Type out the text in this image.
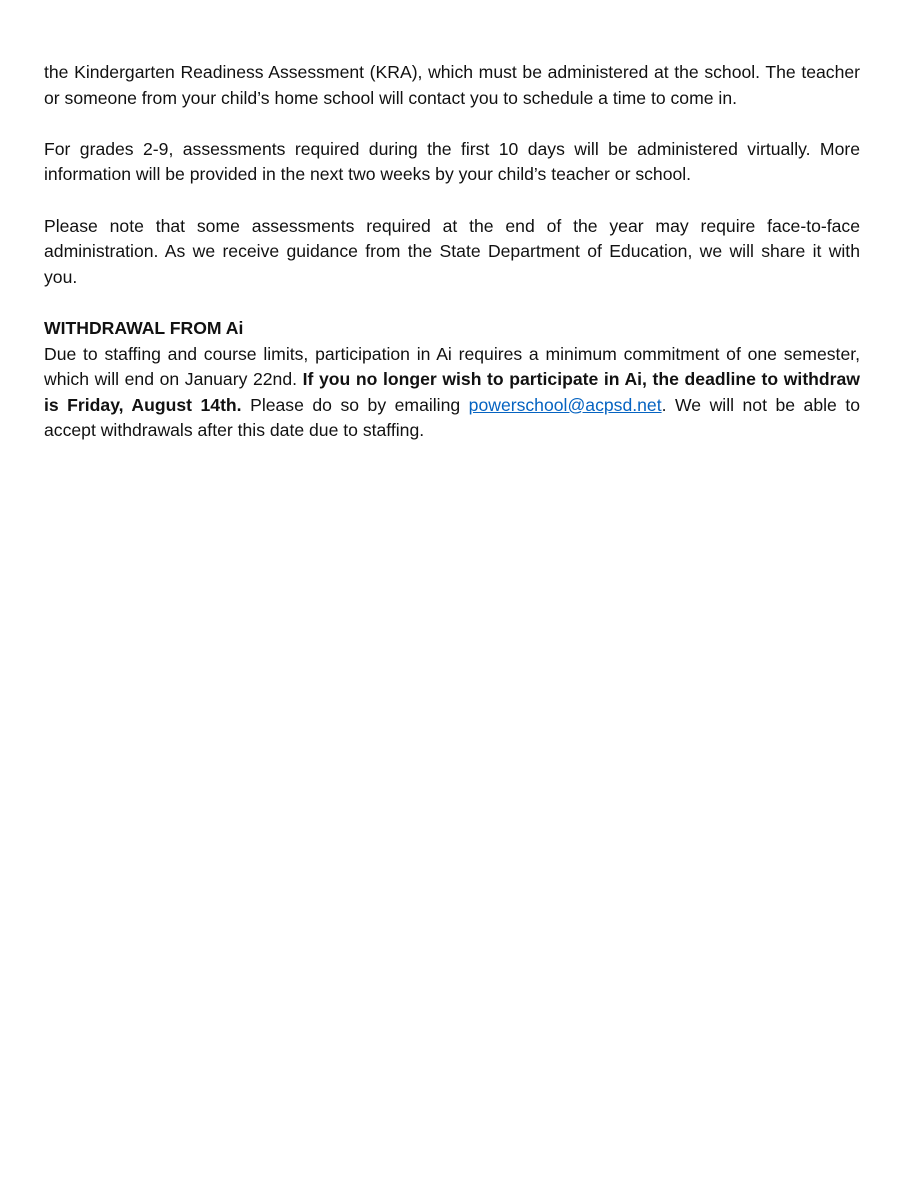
the Kindergarten Readiness Assessment (KRA), which must be administered at the school. The teacher or someone from your child’s home school will contact you to schedule a time to come in.

For grades 2-9, assessments required during the first 10 days will be administered virtually. More information will be provided in the next two weeks by your child’s teacher or school.

Please note that some assessments required at the end of the year may require face-to-face administration. As we receive guidance from the State Department of Education, we will share it with you.

WITHDRAWAL FROM Ai

Due to staffing and course limits, participation in Ai requires a minimum commitment of one semester, which will end on January 22nd. If you no longer wish to participate in Ai, the deadline to withdraw is Friday, August 14th. Please do so by emailing powerschool@acpsd.net. We will not be able to accept withdrawals after this date due to staffing.
